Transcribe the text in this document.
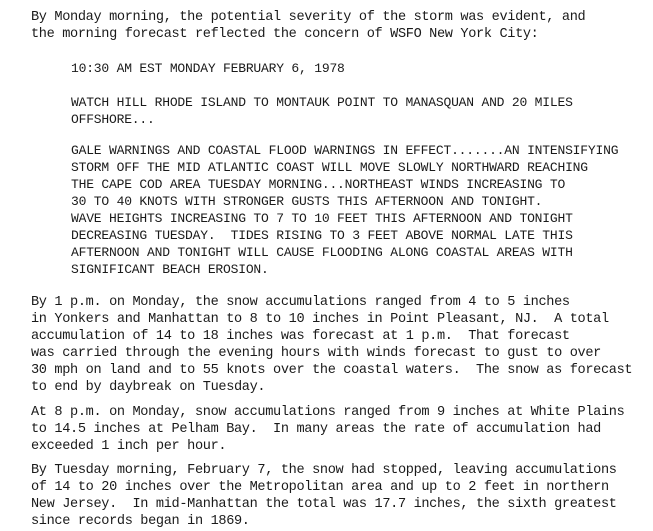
By Monday morning, the potential severity of the storm was evident, and
the morning forecast reflected the concern of WSFO New York City:
10:30 AM EST MONDAY FEBRUARY 6, 1978
WATCH HILL RHODE ISLAND TO MONTAUK POINT TO MANASQUAN AND 20 MILES
OFFSHORE...
GALE WARNINGS AND COASTAL FLOOD WARNINGS IN EFFECT.......AN INTENSIFYING
STORM OFF THE MID ATLANTIC COAST WILL MOVE SLOWLY NORTHWARD REACHING
THE CAPE COD AREA TUESDAY MORNING...NORTHEAST WINDS INCREASING TO
30 TO 40 KNOTS WITH STRONGER GUSTS THIS AFTERNOON AND TONIGHT.
WAVE HEIGHTS INCREASING TO 7 TO 10 FEET THIS AFTERNOON AND TONIGHT
DECREASING TUESDAY.  TIDES RISING TO 3 FEET ABOVE NORMAL LATE THIS
AFTERNOON AND TONIGHT WILL CAUSE FLOODING ALONG COASTAL AREAS WITH
SIGNIFICANT BEACH EROSION.
By 1 p.m. on Monday, the snow accumulations ranged from 4 to 5 inches
in Yonkers and Manhattan to 8 to 10 inches in Point Pleasant, NJ.  A total
accumulation of 14 to 18 inches was forecast at 1 p.m.  That forecast
was carried through the evening hours with winds forecast to gust to over
30 mph on land and to 55 knots over the coastal waters.  The snow as forecast
to end by daybreak on Tuesday.
At 8 p.m. on Monday, snow accumulations ranged from 9 inches at White Plains
to 14.5 inches at Pelham Bay.  In many areas the rate of accumulation had
exceeded 1 inch per hour.
By Tuesday morning, February 7, the snow had stopped, leaving accumulations
of 14 to 20 inches over the Metropolitan area and up to 2 feet in northern
New Jersey.  In mid-Manhattan the total was 17.7 inches, the sixth greatest
since records began in 1869.
